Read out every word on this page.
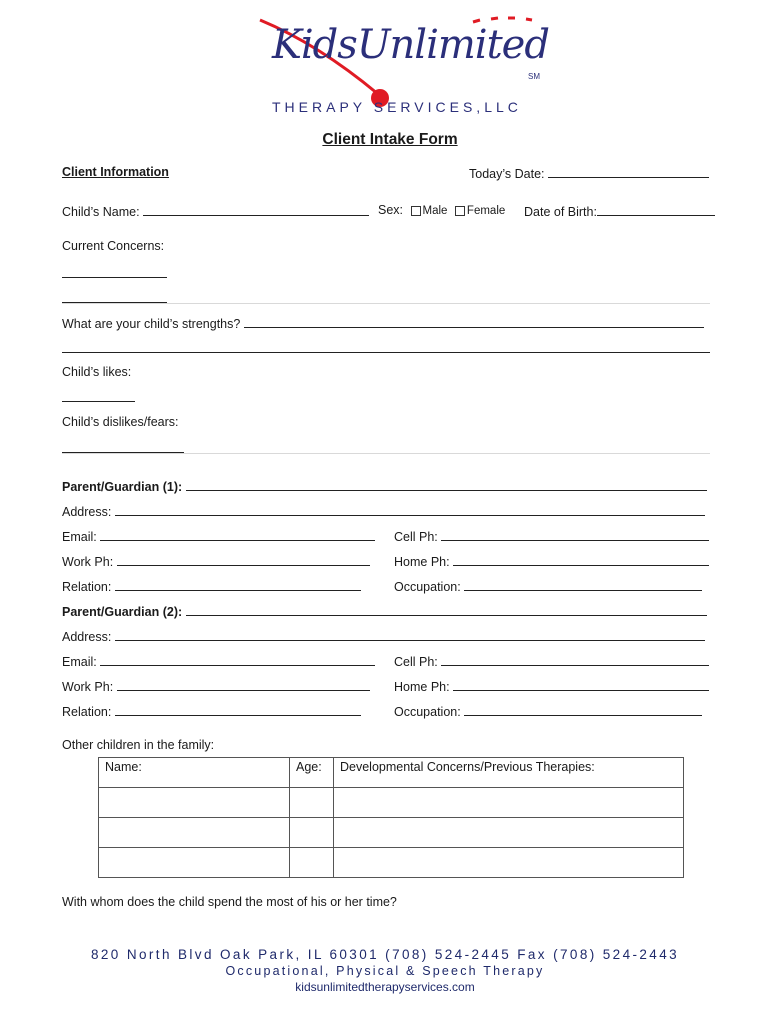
KidsUnlimited
SM
THERAPY SERVICES,LLC
Client Intake Form
Client Information	Today’s Date:
Child’s Name:	Sex: Male Female Date of Birth:
Current Concerns:
What are your child’s strengths?
Child’s likes:
Child’s dislikes/fears:
Parent/Guardian (1):
Address:
Email:	Cell Ph:
Work Ph:	Home Ph:
Relation:	Occupation:
Parent/Guardian (2):
Address:
Email:	Cell Ph:
Work Ph:	Home Ph:
Relation:	Occupation:
Other children in the family:
Name:	Age:	Developmental Concerns/Previous Therapies:

With whom does the child spend the most of his or her time?
820 North Blvd Oak Park, IL 60301 (708) 524-2445 Fax (708) 524-2443
Occupational, Physical & Speech Therapy
kidsunlimitedtherapyservices.com
